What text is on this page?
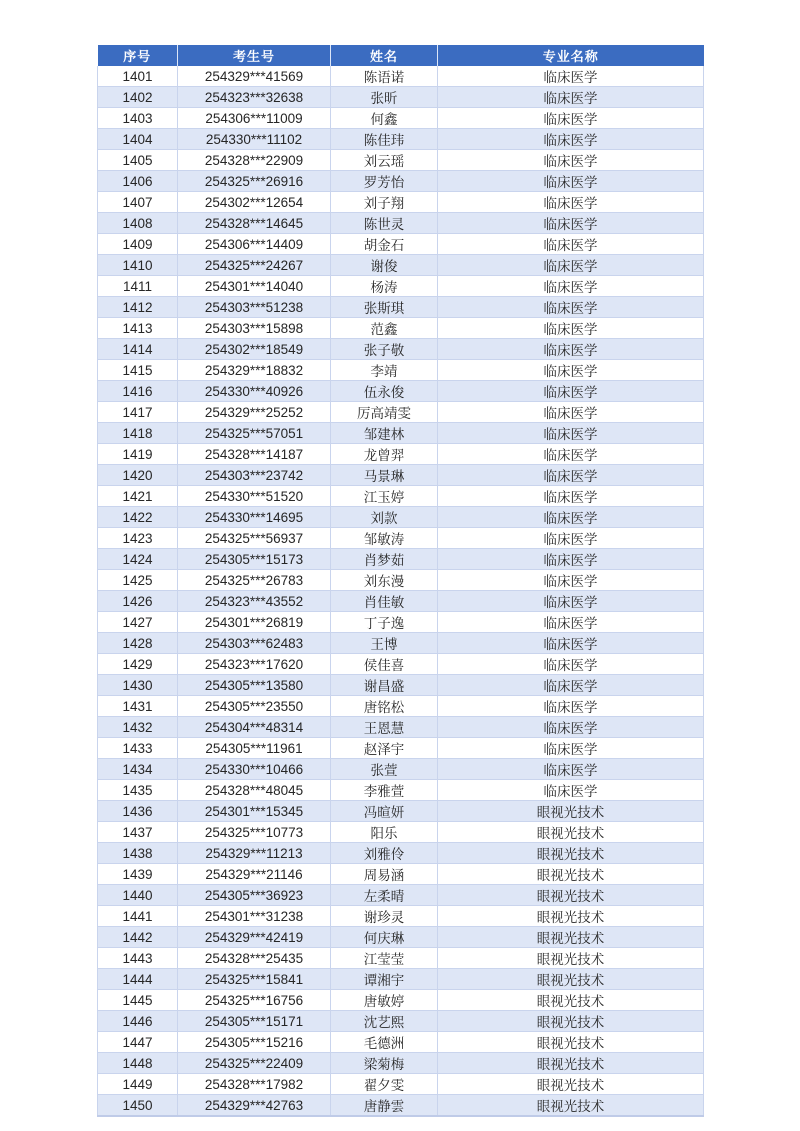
序号	考生号	姓名	专业名称
1401	254329***41569	陈语诺	临床医学
1402	254323***32638	张昕	临床医学
1403	254306***11009	何鑫	临床医学
1404	254330***11102	陈佳玮	临床医学
1405	254328***22909	刘云瑶	临床医学
1406	254325***26916	罗芳怡	临床医学
1407	254302***12654	刘子翔	临床医学
1408	254328***14645	陈世灵	临床医学
1409	254306***14409	胡金石	临床医学
1410	254325***24267	谢俊	临床医学
1411	254301***14040	杨涛	临床医学
1412	254303***51238	张斯琪	临床医学
1413	254303***15898	范鑫	临床医学
1414	254302***18549	张子敬	临床医学
1415	254329***18832	李靖	临床医学
1416	254330***40926	伍永俊	临床医学
1417	254329***25252	厉高靖雯	临床医学
1418	254325***57051	邹建林	临床医学
1419	254328***14187	龙曾羿	临床医学
1420	254303***23742	马景琳	临床医学
1421	254330***51520	江玉婷	临床医学
1422	254330***14695	刘款	临床医学
1423	254325***56937	邹敏涛	临床医学
1424	254305***15173	肖梦茹	临床医学
1425	254325***26783	刘东漫	临床医学
1426	254323***43552	肖佳敏	临床医学
1427	254301***26819	丁子逸	临床医学
1428	254303***62483	王博	临床医学
1429	254323***17620	侯佳喜	临床医学
1430	254305***13580	谢昌盛	临床医学
1431	254305***23550	唐铭松	临床医学
1432	254304***48314	王恩慧	临床医学
1433	254305***11961	赵泽宇	临床医学
1434	254330***10466	张萱	临床医学
1435	254328***48045	李雅萱	临床医学
1436	254301***15345	冯暄妍	眼视光技术
1437	254325***10773	阳乐	眼视光技术
1438	254329***11213	刘雅伶	眼视光技术
1439	254329***21146	周易涵	眼视光技术
1440	254305***36923	左柔晴	眼视光技术
1441	254301***31238	谢珍灵	眼视光技术
1442	254329***42419	何庆琳	眼视光技术
1443	254328***25435	江莹莹	眼视光技术
1444	254325***15841	谭湘宇	眼视光技术
1445	254325***16756	唐敏婷	眼视光技术
1446	254305***15171	沈艺熙	眼视光技术
1447	254305***15216	毛德洲	眼视光技术
1448	254325***22409	梁菊梅	眼视光技术
1449	254328***17982	翟夕雯	眼视光技术
1450	254329***42763	唐静雲	眼视光技术
